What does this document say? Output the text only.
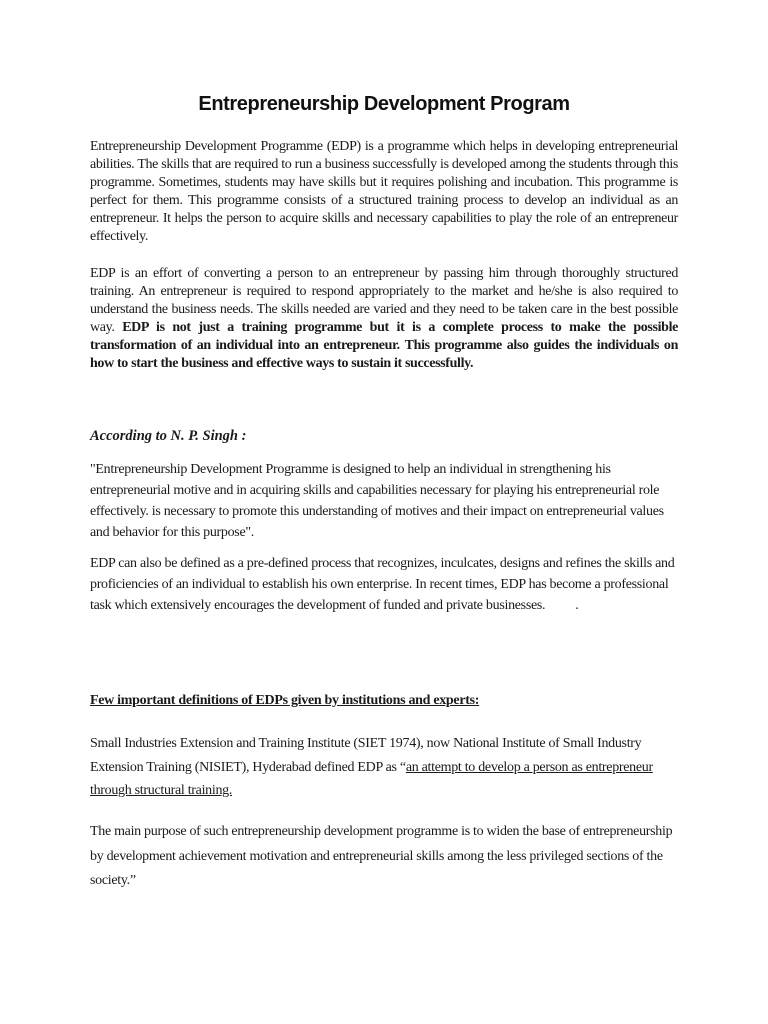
Entrepreneurship Development Program

Entrepreneurship Development Programme (EDP) is a programme which helps in developing entrepreneurial abilities. The skills that are required to run a business successfully is developed among the students through this programme. Sometimes, students may have skills but it requires polishing and incubation. This programme is perfect for them. This programme consists of a structured training process to develop an individual as an entrepreneur. It helps the person to acquire skills and necessary capabilities to play the role of an entrepreneur effectively.

EDP is an effort of converting a person to an entrepreneur by passing him through thoroughly structured training. An entrepreneur is required to respond appropriately to the market and he/she is also required to understand the business needs. The skills needed are varied and they need to be taken care in the best possible way. EDP is not just a training programme but it is a complete process to make the possible transformation of an individual into an entrepreneur. This programme also guides the individuals on how to start the business and effective ways to sustain it successfully.

According to N. P. Singh :

"Entrepreneurship Development Programme is designed to help an individual in strengthening his entrepreneurial motive and in acquiring skills and capabilities necessary for playing his entrepreneurial role effectively. is necessary to promote this understanding of motives and their impact on entrepreneurial values and behavior for this purpose".

EDP can also be defined as a pre-defined process that recognizes, inculcates, designs and refines the skills and proficiencies of an individual to establish his own enterprise. In recent times, EDP has become a professional task which extensively encourages the development of funded and private businesses. .

Few important definitions of EDPs given by institutions and experts:

Small Industries Extension and Training Institute (SIET 1974), now National Institute of Small Industry Extension Training (NISIET), Hyderabad defined EDP as “an attempt to develop a person as entrepreneur through structural training.

The main purpose of such entrepreneurship development programme is to widen the base of entrepreneurship by development achievement motivation and entrepreneurial skills among the less privileged sections of the society.”
